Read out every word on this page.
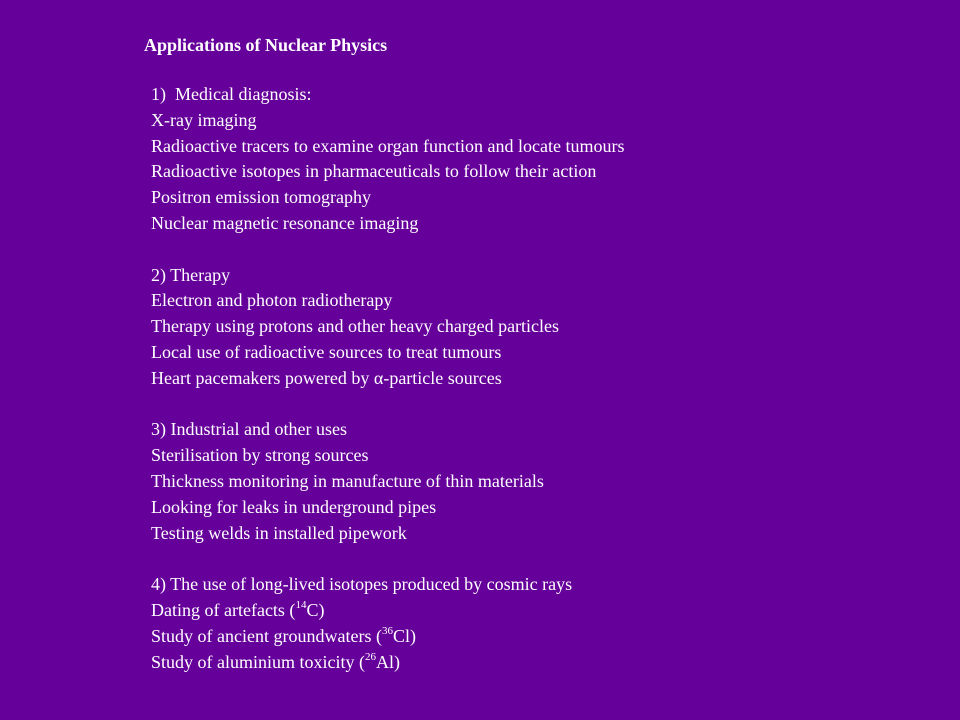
Applications of Nuclear Physics
1) Medical diagnosis:
X-ray imaging
Radioactive tracers to examine organ function and locate tumours
Radioactive isotopes in pharmaceuticals to follow their action
Positron emission tomography
Nuclear magnetic resonance imaging
2) Therapy
Electron and photon radiotherapy
Therapy using protons and other heavy charged particles
Local use of radioactive sources to treat tumours
Heart pacemakers powered by α-particle sources
3) Industrial and other uses
Sterilisation by strong sources
Thickness monitoring in manufacture of thin materials
Looking for leaks in underground pipes
Testing welds in installed pipework
4) The use of long-lived isotopes produced by cosmic rays
Dating of artefacts ($^{14}$C)
Study of ancient groundwaters ($^{36}$Cl)
Study of aluminium toxicity ($^{26}$Al)
